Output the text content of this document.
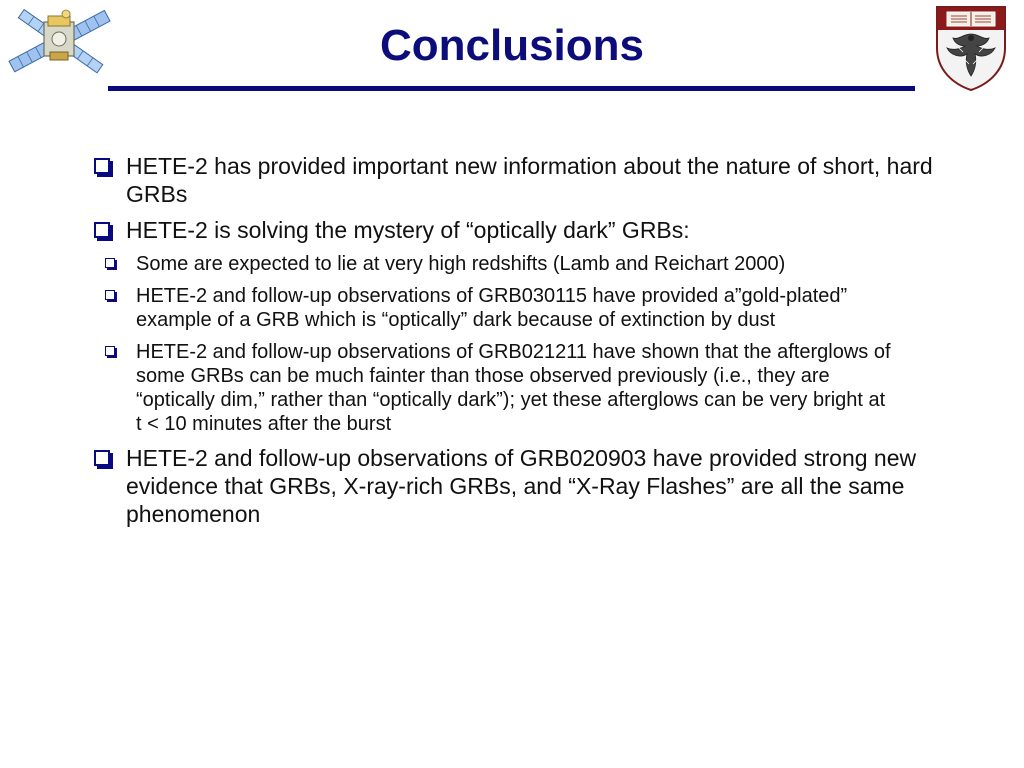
Conclusions
HETE-2 has provided important new information about the nature of short, hard GRBs
HETE-2 is solving the mystery of “optically dark” GRBs:
Some are expected to lie at very high redshifts (Lamb and Reichart 2000)
HETE-2 and follow-up observations of GRB030115 have provided a”gold-plated” example of a GRB which is “optically” dark because of extinction by dust
HETE-2 and follow-up observations of GRB021211 have shown that the afterglows of some GRBs can be much fainter than those observed previously (i.e., they are “optically dim,” rather than “optically dark”); yet these afterglows can be very bright at t < 10 minutes after the burst
HETE-2 and follow-up observations of GRB020903 have provided strong new evidence that GRBs, X-ray-rich GRBs, and “X-Ray Flashes” are all the same phenomenon
